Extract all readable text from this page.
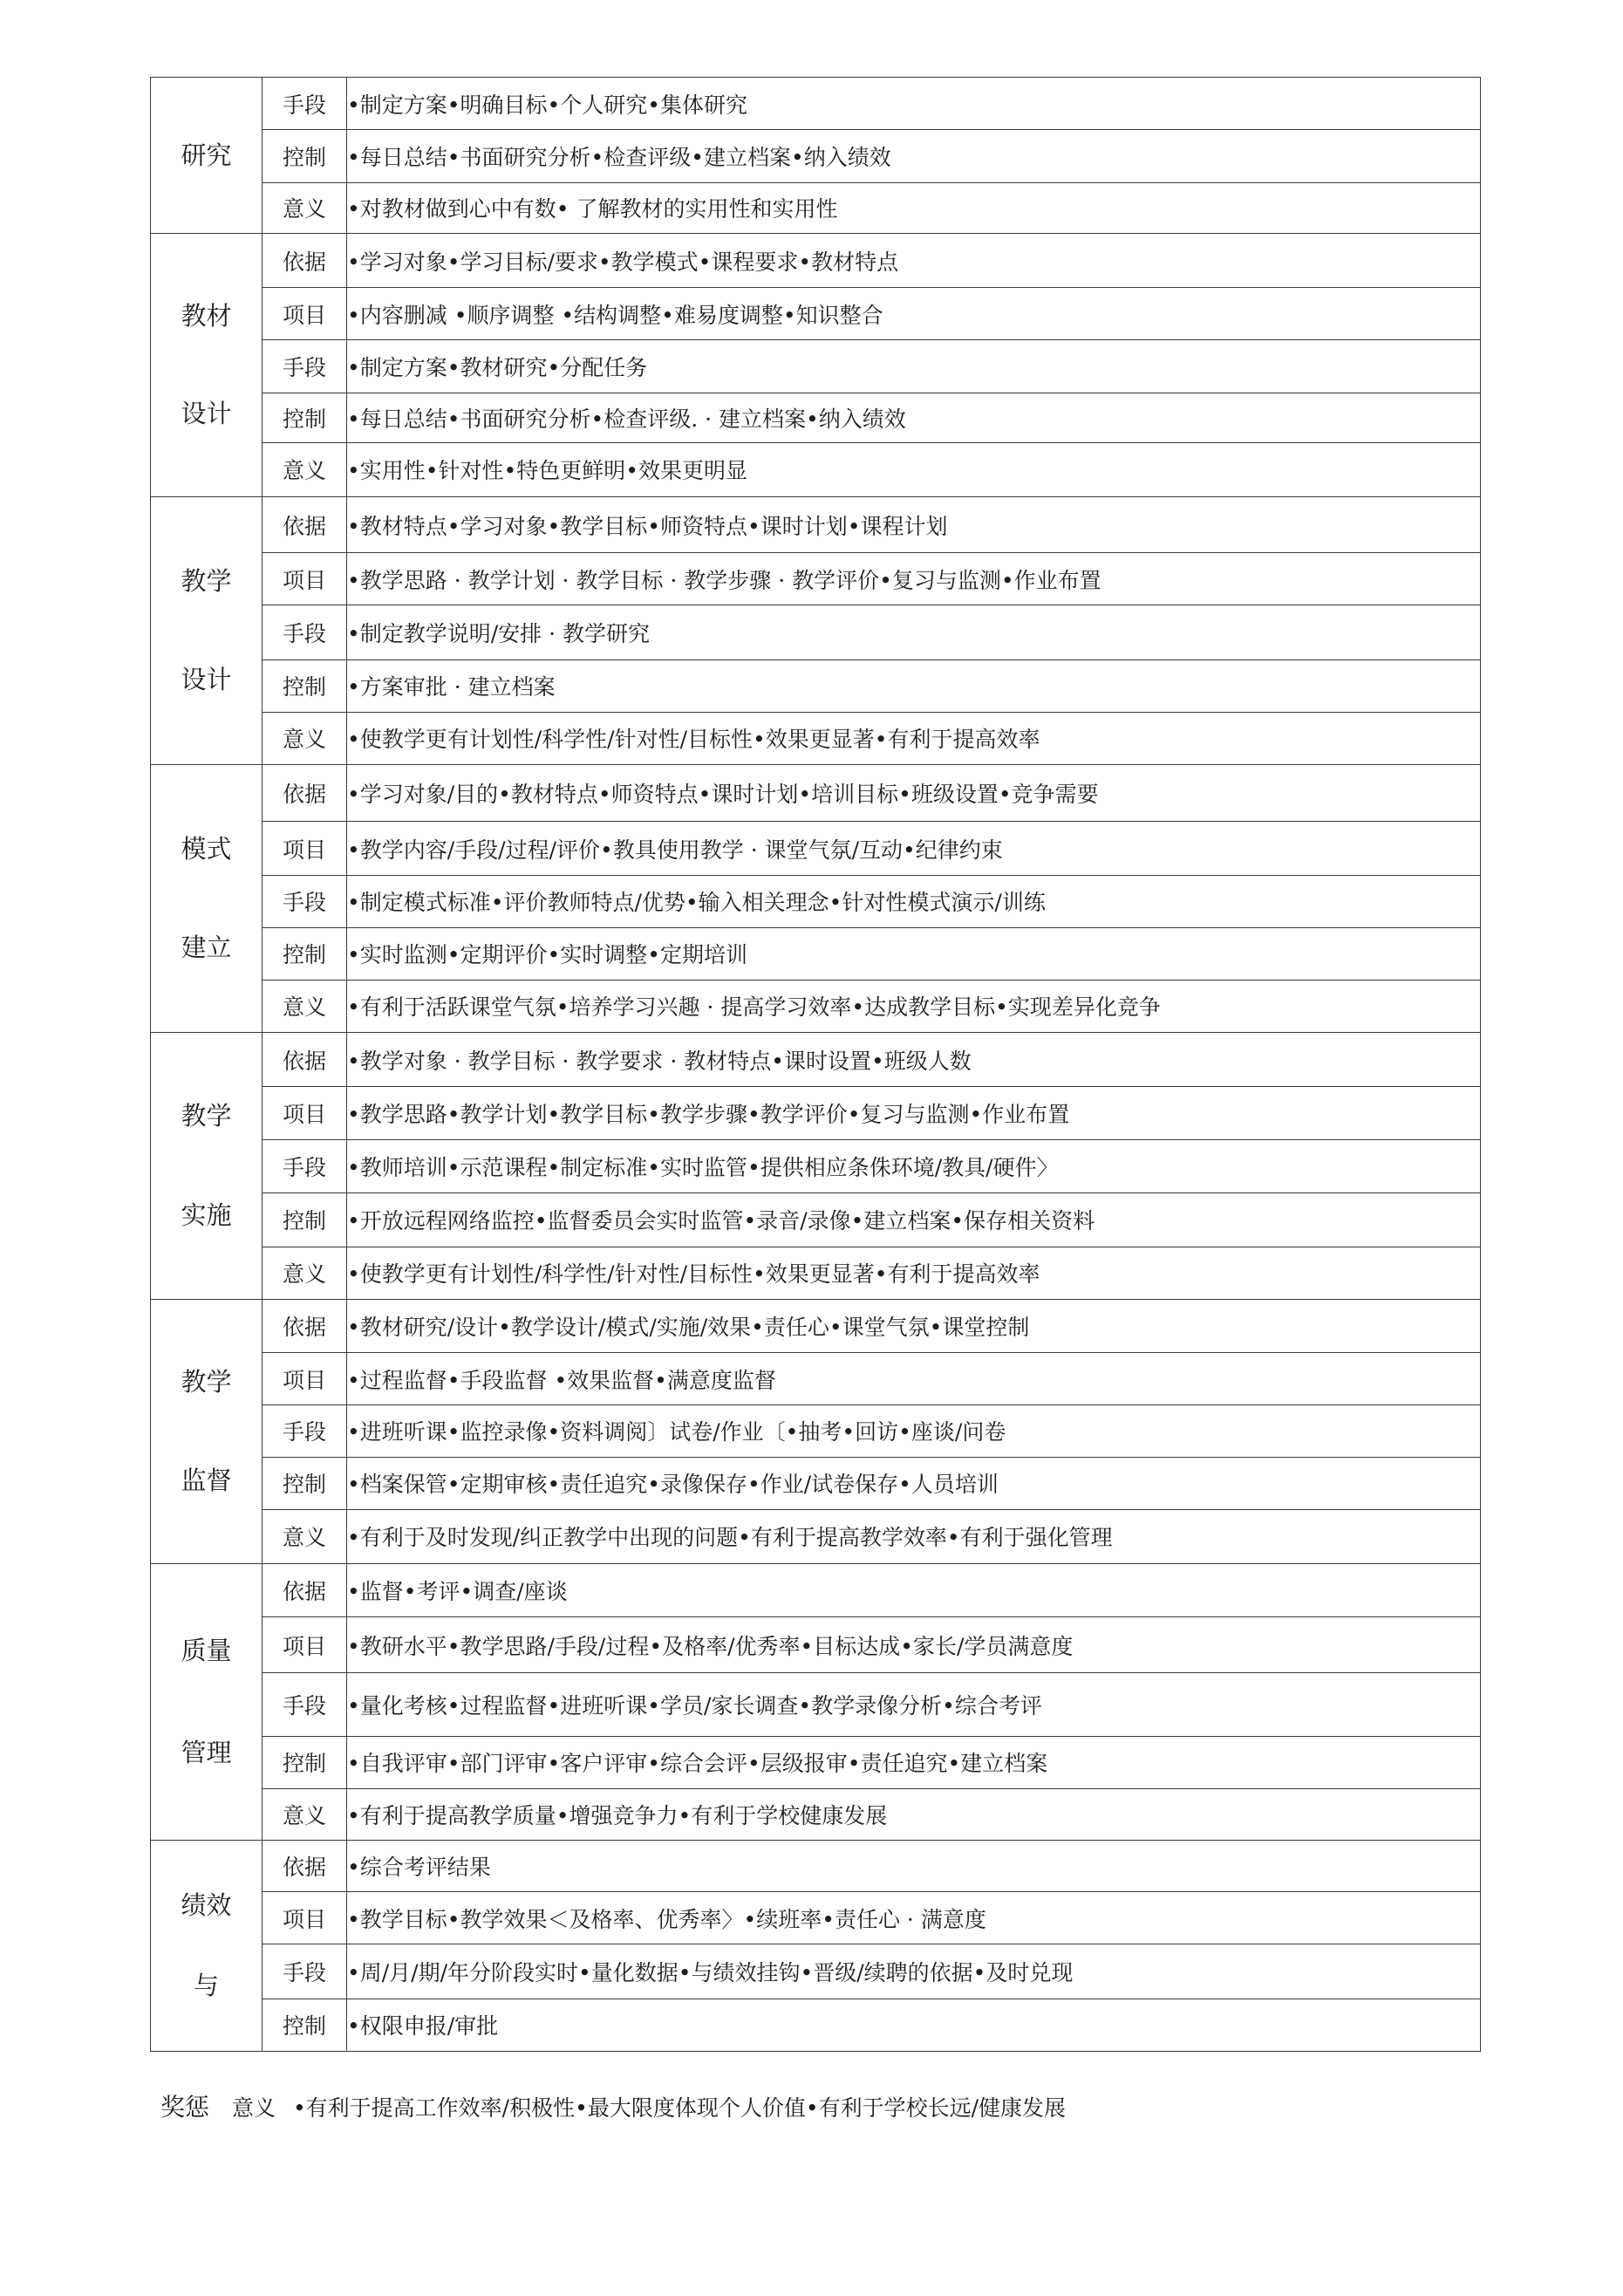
研究	手段	•制定方案•明确目标•个人研究•集体研究
	控制	•每日总结•书面研究分析•检查评级•建立档案•纳入绩效
	意义	•对教材做到心中有数• 了解教材的实用性和实用性

教材
设计	依据	•学习对象•学习目标/要求•教学模式•课程要求•教材特点
	项目	•内容删减 •顺序调整 •结构调整•难易度调整•知识整合
	手段	•制定方案•教材研究•分配任务
	控制	•每日总结•书面研究分析•检查评级. · 建立档案•纳入绩效
	意义	•实用性•针对性•特色更鲜明•效果更明显

教学
设计	依据	•教材特点•学习对象•教学目标•师资特点•课时计划•课程计划
	项目	•教学思路 · 教学计划 · 教学目标 · 教学步骤 · 教学评价•复习与监测•作业布置
	手段	•制定教学说明/安排 · 教学研究
	控制	•方案审批 · 建立档案
	意义	•使教学更有计划性/科学性/针对性/目标性•效果更显著•有利于提高效率

模式
建立	依据	•学习对象/目的•教材特点•师资特点•课时计划•培训目标•班级设置•竞争需要
	项目	•教学内容/手段/过程/评价•教具使用教学 · 课堂气氛/互动•纪律约束
	手段	•制定模式标准•评价教师特点/优势•输入相关理念•针对性模式演示/训练
	控制	•实时监测•定期评价•实时调整•定期培训
	意义	•有利于活跃课堂气氛•培养学习兴趣 · 提高学习效率•达成教学目标•实现差异化竞争

教学
实施	依据	•教学对象 · 教学目标 · 教学要求 · 教材特点•课时设置•班级人数
	项目	•教学思路•教学计划•教学目标•教学步骤•教学评价•复习与监测•作业布置
	手段	•教师培训•示范课程•制定标准•实时监管•提供相应条侏环境/教具/硬件〉
	控制	•开放远程网络监控•监督委员会实时监管•录音/录像•建立档案•保存相关资料
	意义	•使教学更有计划性/科学性/针对性/目标性•效果更显著•有利于提高效率

教学
监督	依据	•教材研究/设计•教学设计/模式/实施/效果•责任心•课堂气氛•课堂控制
	项目	•过程监督•手段监督 •效果监督•满意度监督
	手段	•进班听课•监控录像•资料调阅〕试卷/作业〔•抽考•回访•座谈/问卷
	控制	•档案保管•定期审核•责任追究•录像保存•作业/试卷保存•人员培训
	意义	•有利于及时发现/纠正教学中出现的问题•有利于提高教学效率•有利于强化管理

质量
管理	依据	•监督•考评•调查/座谈
	项目	•教研水平•教学思路/手段/过程•及格率/优秀率•目标达成•家长/学员满意度
	手段	•量化考核•过程监督•进班听课•学员/家长调查•教学录像分析•综合考评
	控制	•自我评审•部门评审•客户评审•综合会评•层级报审•责任追究•建立档案
	意义	•有利于提高教学质量•增强竞争力•有利于学校健康发展

绩效
与	依据	•综合考评结果
	项目	•教学目标•教学效果＜及格率、优秀率〉•续班率•责任心 · 满意度
	手段	•周/月/期/年分阶段实时•量化数据•与绩效挂钩•晋级/续聘的依据•及时兑现
	控制	•权限申报/审批
奖惩 意义 •有利于提高工作效率/积极性•最大限度体现个人价值•有利于学校长远/健康发展
